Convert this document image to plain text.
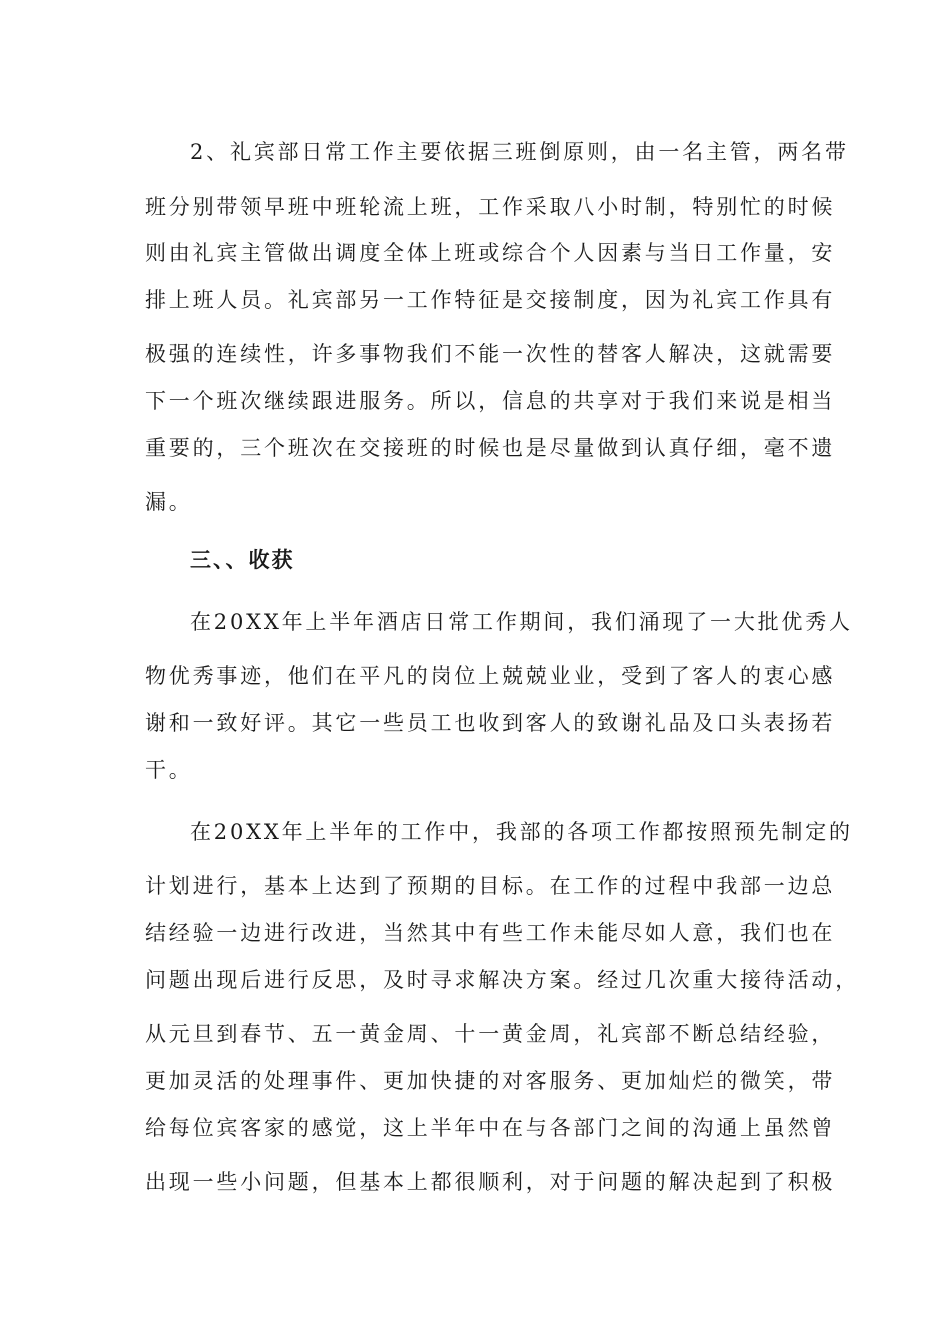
2、礼宾部日常工作主要依据三班倒原则，由一名主管，两名带
班分别带领早班中班轮流上班，工作采取八小时制，特别忙的时候
则由礼宾主管做出调度全体上班或综合个人因素与当日工作量，安
排上班人员。礼宾部另一工作特征是交接制度，因为礼宾工作具有
极强的连续性，许多事物我们不能一次性的替客人解决，这就需要
下一个班次继续跟进服务。所以，信息的共享对于我们来说是相当
重要的，三个班次在交接班的时候也是尽量做到认真仔细，毫不遗
漏。
三、、收获
在20XX年上半年酒店日常工作期间，我们涌现了一大批优秀人
物优秀事迹，他们在平凡的岗位上兢兢业业，受到了客人的衷心感
谢和一致好评。其它一些员工也收到客人的致谢礼品及口头表扬若
干。
在20XX年上半年的工作中，我部的各项工作都按照预先制定的
计划进行，基本上达到了预期的目标。在工作的过程中我部一边总
结经验一边进行改进，当然其中有些工作未能尽如人意，我们也在
问题出现后进行反思，及时寻求解决方案。经过几次重大接待活动，
从元旦到春节、五一黄金周、十一黄金周，礼宾部不断总结经验，
更加灵活的处理事件、更加快捷的对客服务、更加灿烂的微笑，带
给每位宾客家的感觉，这上半年中在与各部门之间的沟通上虽然曾
出现一些小问题，但基本上都很顺利，对于问题的解决起到了积极
